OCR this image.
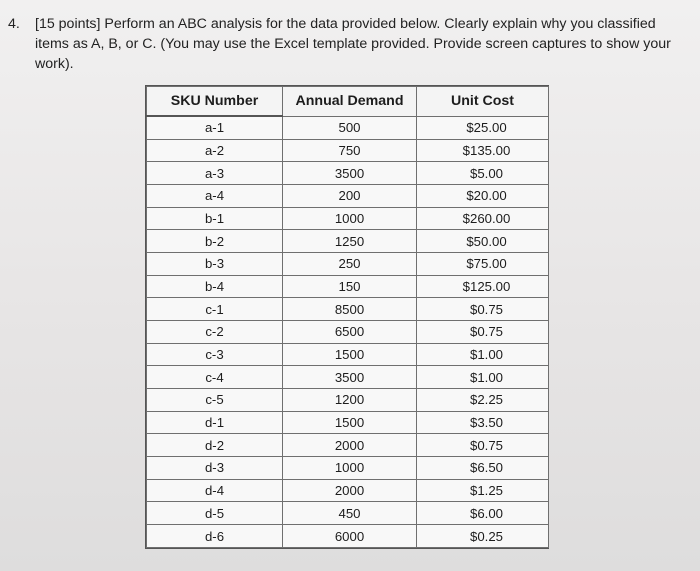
4. [15 points] Perform an ABC analysis for the data provided below. Clearly explain why you classified items as A, B, or C. (You may use the Excel template provided. Provide screen captures to show your work).
SKU Number	Annual Demand	Unit Cost
a-1	500	$25.00
a-2	750	$135.00
a-3	3500	$5.00
a-4	200	$20.00
b-1	1000	$260.00
b-2	1250	$50.00
b-3	250	$75.00
b-4	150	$125.00
c-1	8500	$0.75
c-2	6500	$0.75
c-3	1500	$1.00
c-4	3500	$1.00
c-5	1200	$2.25
d-1	1500	$3.50
d-2	2000	$0.75
d-3	1000	$6.50
d-4	2000	$1.25
d-5	450	$6.00
d-6	6000	$0.25
